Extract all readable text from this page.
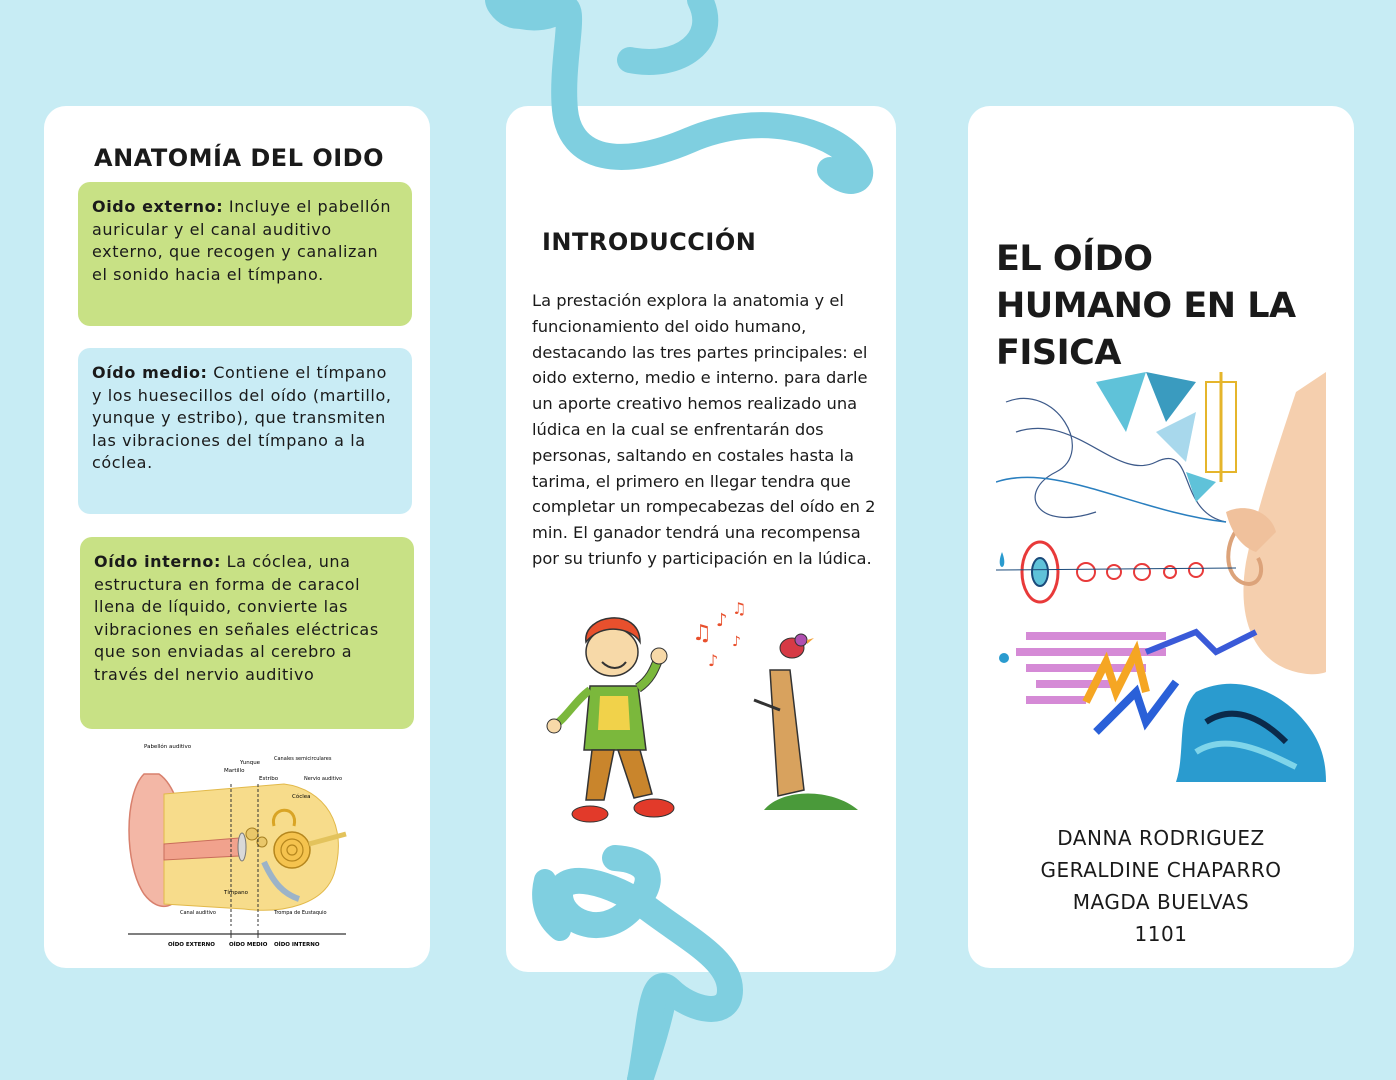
ANATOMÍA DEL OIDO
Oido externo: Incluye el pabellón auricular y el canal auditivo externo, que recogen y canalizan el sonido hacia el tímpano.
Oído medio: Contiene el tímpano y los huesecillos del oído (martillo, yunque y estribo), que transmiten las vibraciones del tímpano a la cóclea.
Oído interno: La cóclea, una estructura en forma de caracol llena de líquido, convierte las vibraciones en señales eléctricas que son enviadas al cerebro a través del nervio auditivo
Pabellón auditivo
Yunque
Martillo
Estribo
Canales semicirculares
Nervio auditivo
Cóclea
Tímpano
Canal auditivo	Trompa de Eustaquio
OÍDO EXTERNO	OÍDO MEDIO OÍDO INTERNO
INTRODUCCIÓN

La prestación explora la anatomia y el funcionamiento del oido humano, destacando las tres partes principales: el oido externo, medio e interno. para darle un aporte creativo hemos realizado una lúdica en la cual se enfrentarán dos personas, saltando en costales hasta la tarima, el primero en llegar tendra que completar un rompecabezas del oído en 2 min. El ganador tendrá una recompensa por su triunfo y participación en la lúdica.

♫
♪
♫
♪
♪
EL OÍDO HUMANO EN LA FISICA
DANNA RODRIGUEZ
GERALDINE CHAPARRO
MAGDA BUELVAS
1101
